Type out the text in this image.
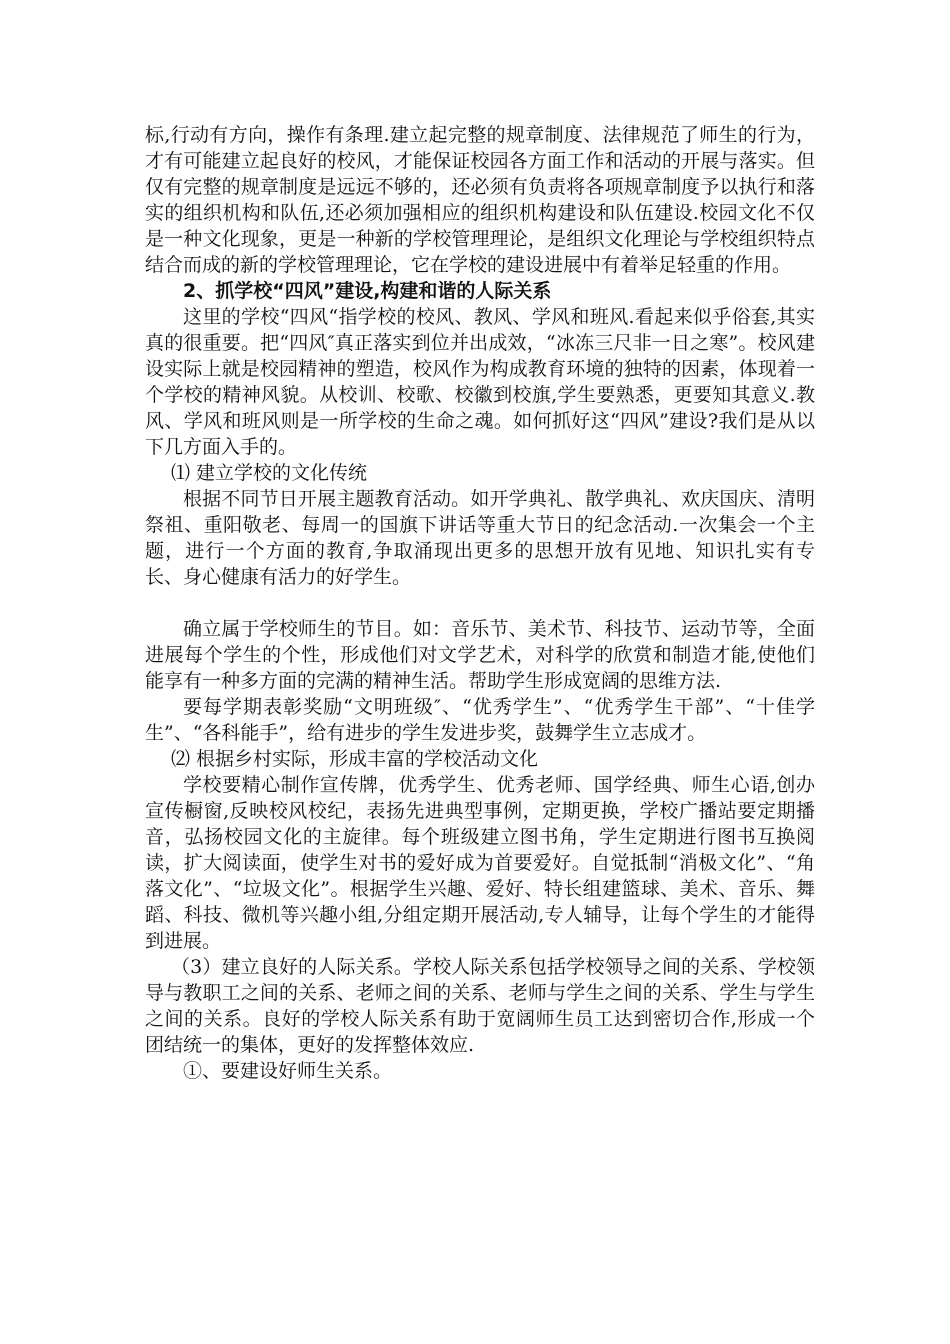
标,行动有方向，操作有条理.建立起完整的规章制度、法律规范了师生的行为，才有可能建立起良好的校风，才能保证校园各方面工作和活动的开展与落实。但仅有完整的规章制度是远远不够的，还必须有负责将各项规章制度予以执行和落实的组织机构和队伍,还必须加强相应的组织机构建设和队伍建设.校园文化不仅是一种文化现象，更是一种新的学校管理理论，是组织文化理论与学校组织特点结合而成的新的学校管理理论，它在学校的建设进展中有着举足轻重的作用。

2、抓学校“四风”建设,构建和谐的人际关系

这里的学校“四风“指学校的校风、教风、学风和班风.看起来似乎俗套,其实真的很重要。把“四风″真正落实到位并出成效，“冰冻三尺非一日之寒”。校风建设实际上就是校园精神的塑造，校风作为构成教育环境的独特的因素，体现着一个学校的精神风貌。从校训、校歌、校徽到校旗,学生要熟悉，更要知其意义.教风、学风和班风则是一所学校的生命之魂。如何抓好这“四风”建设?我们是从以下几方面入手的。

⑴ 建立学校的文化传统

根据不同节日开展主题教育活动。如开学典礼、散学典礼、欢庆国庆、清明祭祖、重阳敬老、每周一的国旗下讲话等重大节日的纪念活动.一次集会一个主题，进行一个方面的教育,争取涌现出更多的思想开放有见地、知识扎实有专长、身心健康有活力的好学生。

确立属于学校师生的节目。如：音乐节、美术节、科技节、运动节等，全面进展每个学生的个性，形成他们对文学艺术，对科学的欣赏和制造才能,使他们能享有一种多方面的完满的精神生活。帮助学生形成宽阔的思维方法.

要每学期表彰奖励“文明班级″、“优秀学生”、“优秀学生干部”、“十佳学生”、“各科能手”，给有进步的学生发进步奖，鼓舞学生立志成才。

⑵ 根据乡村实际，形成丰富的学校活动文化

学校要精心制作宣传牌，优秀学生、优秀老师、国学经典、师生心语,创办宣传橱窗,反映校风校纪，表扬先进典型事例，定期更换，学校广播站要定期播音，弘扬校园文化的主旋律。每个班级建立图书角，学生定期进行图书互换阅读，扩大阅读面，使学生对书的爱好成为首要爱好。自觉抵制“消极文化”、“角落文化”、“垃圾文化”。根据学生兴趣、爱好、特长组建篮球、美术、音乐、舞蹈、科技、微机等兴趣小组,分组定期开展活动,专人辅导，让每个学生的才能得到进展。

（3）建立良好的人际关系。学校人际关系包括学校领导之间的关系、学校领导与教职工之间的关系、老师之间的关系、老师与学生之间的关系、学生与学生之间的关系。良好的学校人际关系有助于宽阔师生员工达到密切合作,形成一个团结统一的集体，更好的发挥整体效应.

①、要建设好师生关系。
